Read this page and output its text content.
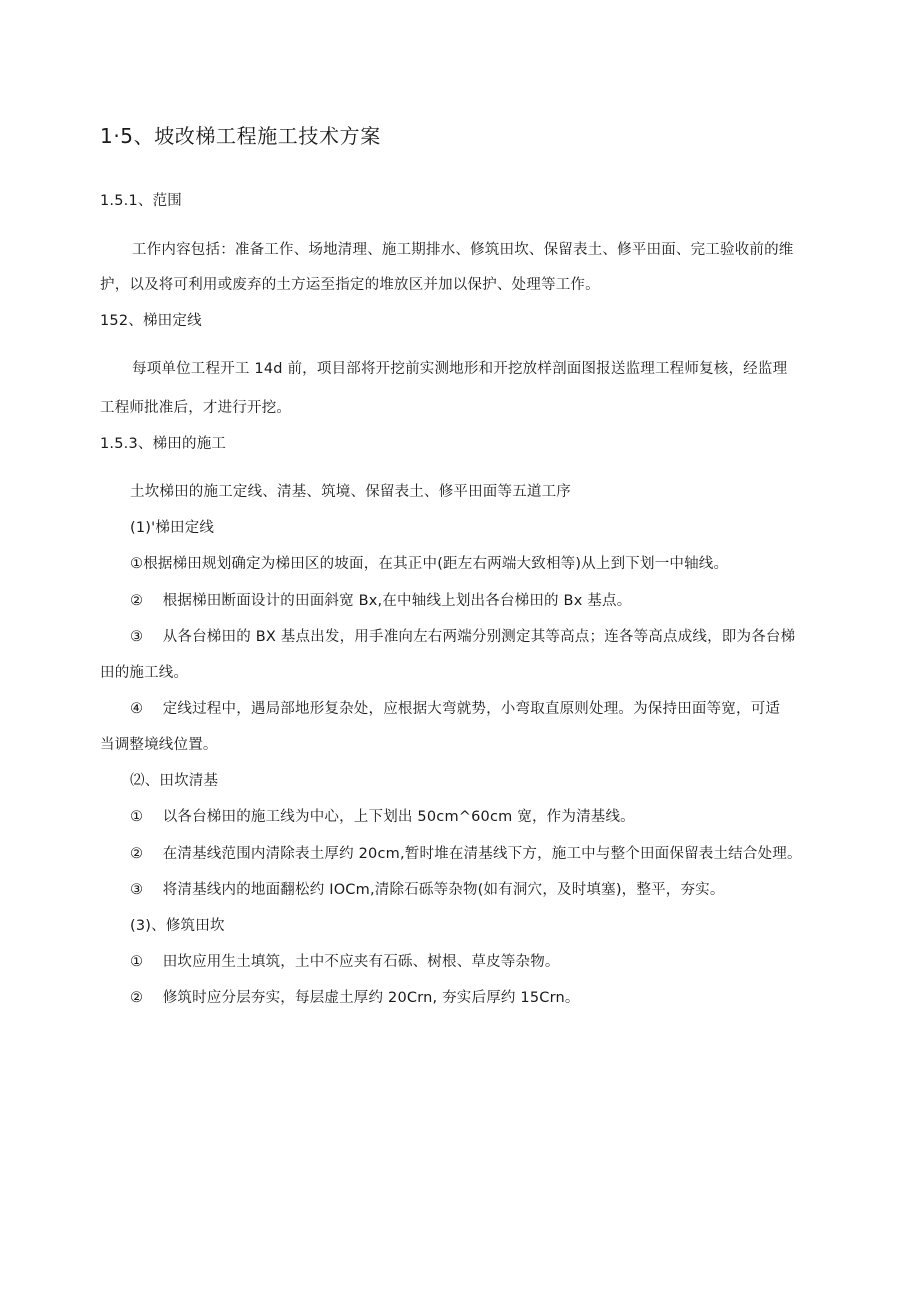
1·5、坡改梯工程施工技术方案
1.5.1、范围
工作内容包括：准备工作、场地清理、施工期排水、修筑田坎、保留表土、修平田面、完工验收前的维
护，以及将可利用或废弃的土方运至指定的堆放区并加以保护、处理等工作。
152、梯田定线
每项单位工程开工 14d 前，项目部将开挖前实测地形和开挖放样剖面图报送监理工程师复核，经监理
工程师批准后，才进行开挖。
1.5.3、梯田的施工
土坎梯田的施工定线、清基、筑境、保留表土、修平田面等五道工序
(1)'梯田定线
①根据梯田规划确定为梯田区的坡面，在其正中(距左右两端大致相等)从上到下划一中轴线。
②　 根据梯田断面设计的田面斜宽 Bx,在中轴线上划出各台梯田的 Bx 基点。
③　 从各台梯田的 BX 基点出发，用手准向左右两端分别测定其等高点；连各等高点成线，即为各台梯
田的施工线。
④　 定线过程中，遇局部地形复杂处，应根据大弯就势，小弯取直原则处理。为保持田面等宽，可适
当调整境线位置。
⑵、田坎清基
①　 以各台梯田的施工线为中心，上下划出 50cm^60cm 宽，作为清基线。
②　 在清基线范围内清除表土厚约 20cm,暂时堆在清基线下方，施工中与整个田面保留表土结合处理。
③　 将清基线内的地面翻松约 IOCm,清除石砾等杂物(如有洞穴，及时填塞)，整平，夯实。
(3)、修筑田坎
①　 田坎应用生土填筑，土中不应夹有石砾、树根、草皮等杂物。
②　 修筑时应分层夯实，每层虚土厚约 20Crn, 夯实后厚约 15Crn。
